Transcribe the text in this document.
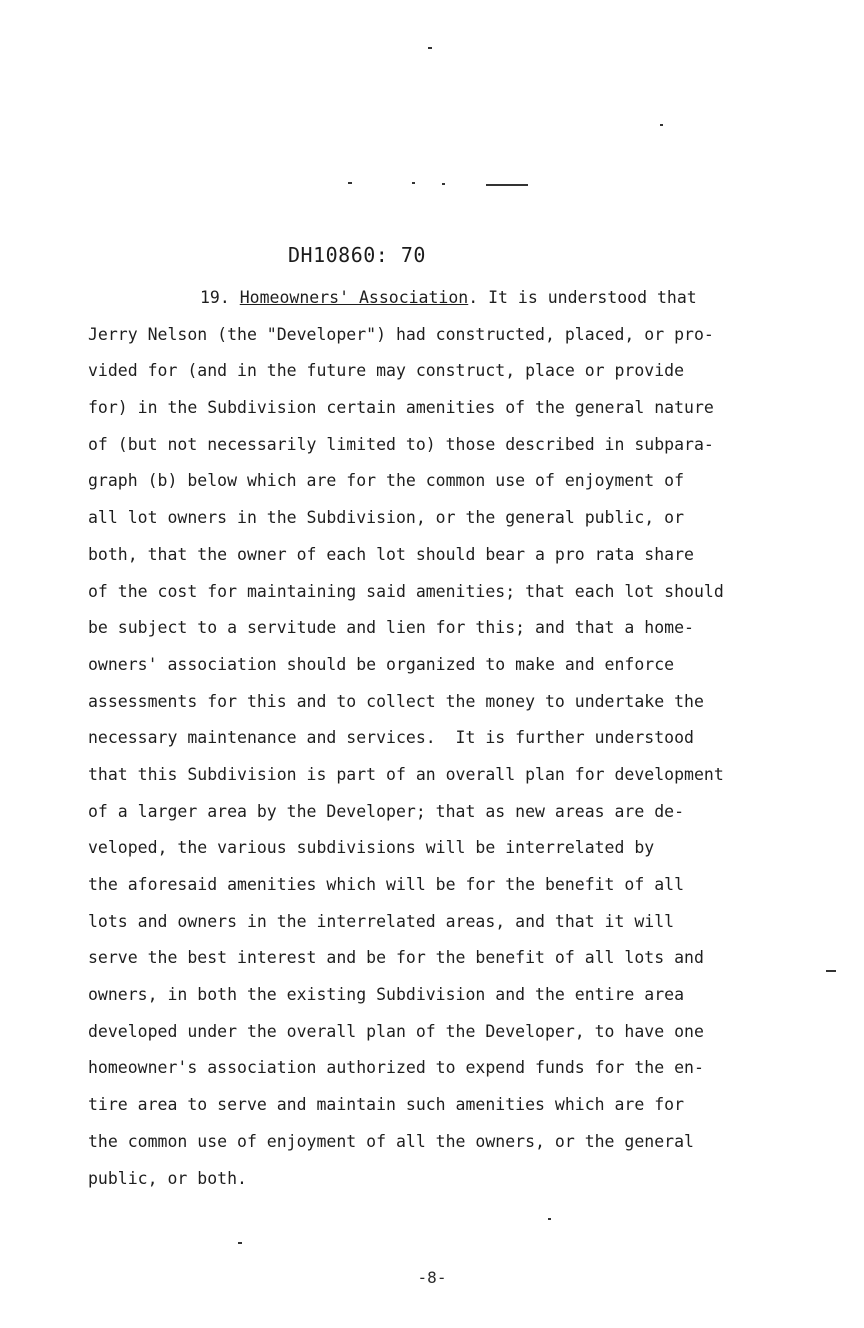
DH10860: 70
19. Homeowners' Association. It is understood that
Jerry Nelson (the "Developer") had constructed, placed, or pro-
vided for (and in the future may construct, place or provide
for) in the Subdivision certain amenities of the general nature
of (but not necessarily limited to) those described in subpara-
graph (b) below which are for the common use of enjoyment of
all lot owners in the Subdivision, or the general public, or
both, that the owner of each lot should bear a pro rata share
of the cost for maintaining said amenities; that each lot should
be subject to a servitude and lien for this; and that a home-
owners' association should be organized to make and enforce
assessments for this and to collect the money to undertake the
necessary maintenance and services.  It is further understood
that this Subdivision is part of an overall plan for development
of a larger area by the Developer; that as new areas are de-
veloped, the various subdivisions will be interrelated by
the aforesaid amenities which will be for the benefit of all
lots and owners in the interrelated areas, and that it will
serve the best interest and be for the benefit of all lots and
owners, in both the existing Subdivision and the entire area
developed under the overall plan of the Developer, to have one
homeowner's association authorized to expend funds for the en-
tire area to serve and maintain such amenities which are for
the common use of enjoyment of all the owners, or the general
public, or both.
-8-
